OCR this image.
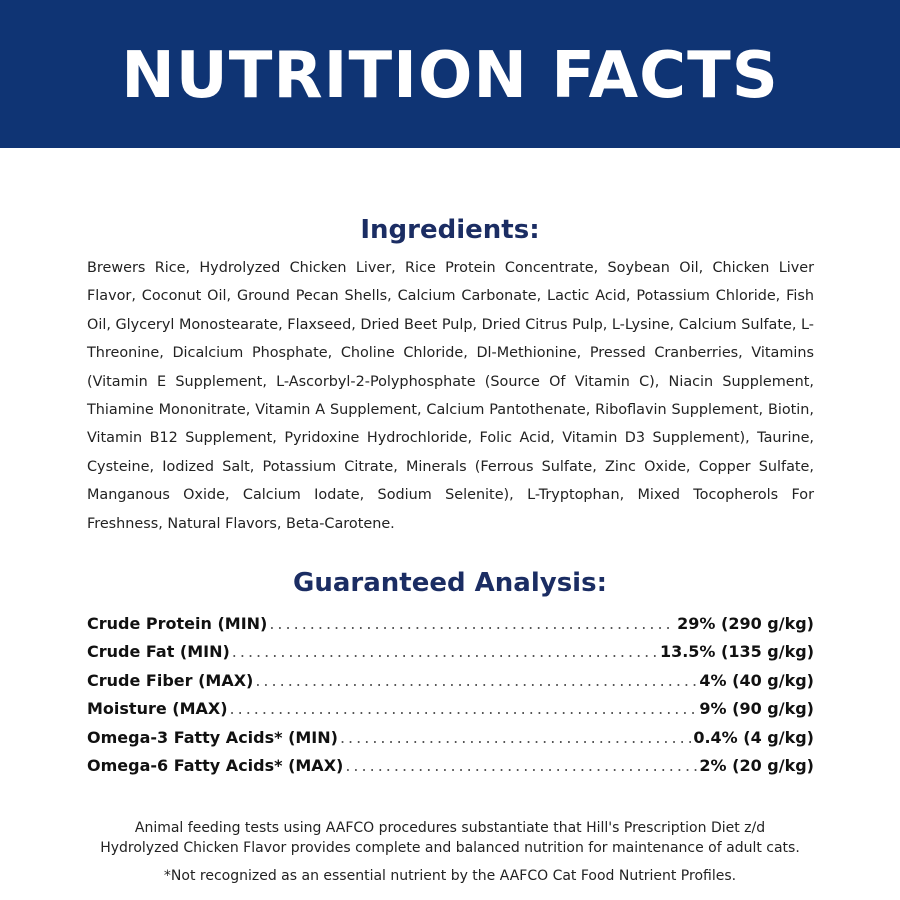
NUTRITION FACTS
Ingredients:
Brewers Rice, Hydrolyzed Chicken Liver, Rice Protein Concentrate, Soybean Oil, Chicken Liver Flavor, Coconut Oil, Ground Pecan Shells, Calcium Carbonate, Lactic Acid, Potassium Chloride, Fish Oil, Glyceryl Monostearate, Flaxseed, Dried Beet Pulp, Dried Citrus Pulp, L-Lysine, Calcium Sulfate, L-Threonine, Dicalcium Phosphate, Choline Chloride, Dl-Methionine, Pressed Cranberries, Vitamins (Vitamin E Supplement, L-Ascorbyl-2-Polyphosphate (Source Of Vitamin C), Niacin Supplement, Thiamine Mononitrate, Vitamin A Supplement, Calcium Pantothenate, Riboflavin Supplement, Biotin, Vitamin B12 Supplement, Pyridoxine Hydrochloride, Folic Acid, Vitamin D3 Supplement), Taurine, Cysteine, Iodized Salt, Potassium Citrate, Minerals (Ferrous Sulfate, Zinc Oxide, Copper Sulfate, Manganous Oxide, Calcium Iodate, Sodium Selenite), L-Tryptophan, Mixed Tocopherols For Freshness, Natural Flavors, Beta-Carotene.
Guaranteed Analysis:
Crude Protein (MIN) .....	29% (290 g/kg)
Crude Fat (MIN) .....	13.5% (135 g/kg)
Crude Fiber (MAX) .....	4% (40 g/kg)
Moisture (MAX) .....	9% (90 g/kg)
Omega-3 Fatty Acids* (MIN) .....	0.4% (4 g/kg)
Omega-6 Fatty Acids* (MAX) .....	2% (20 g/kg)
Animal feeding tests using AAFCO procedures substantiate that Hill's Prescription Diet z/d
Hydrolyzed Chicken Flavor provides complete and balanced nutrition for maintenance of adult cats.
*Not recognized as an essential nutrient by the AAFCO Cat Food Nutrient Profiles.
